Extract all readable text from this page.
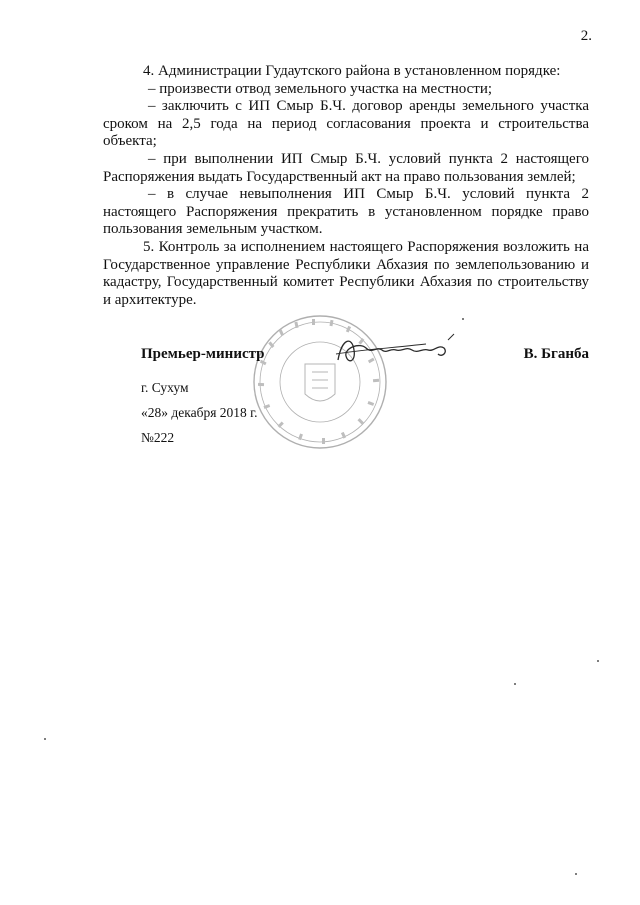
2.

4. Администрации Гудаутского района в установленном порядке:

– произвести отвод земельного участка на местности;

– заключить с ИП Смыр Б.Ч. договор аренды земельного участка сроком на 2,5 года на период согласования проекта и строительства объекта;

– при выполнении ИП Смыр Б.Ч. условий пункта 2 настоящего Распоряжения выдать Государственный акт на право пользования землей;

– в случае невыполнения ИП Смыр Б.Ч. условий пункта 2 настоящего Распоряжения прекратить в установленном порядке право пользования земельным участком.

5. Контроль за исполнением настоящего Распоряжения возложить на Государственное управление Республики Абхазия по землепользованию и кадастру, Государственный комитет Республики Абхазия по строительству и архитектуре.

Премьер-министр	В. Бганба
г. Сухум
«28» декабря 2018 г.
№222
